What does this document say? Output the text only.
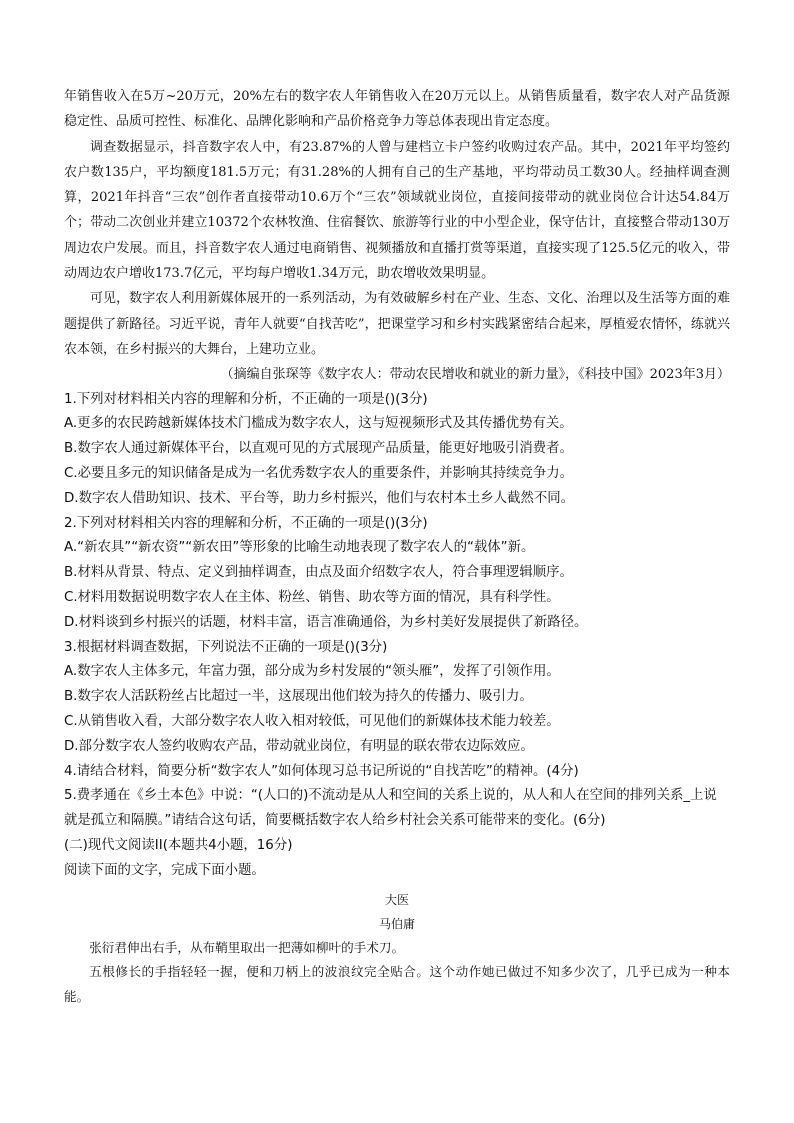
年销售收入在5万~20万元，20%左右的数字农人年销售收入在20万元以上。从销售质量看，数字农人对产品货源稳定性、品质可控性、标准化、品牌化影响和产品价格竞争力等总体表现出肯定态度。

调查数据显示，抖音数字农人中，有23.87%的人曾与建档立卡户签约收购过农产品。其中，2021年平均签约农户数135户，平均额度181.5万元；有31.28%的人拥有自己的生产基地，平均带动员工数30人。经抽样调查测算，2021年抖音“三农”创作者直接带动10.6万个“三农”领域就业岗位，直接间接带动的就业岗位合计达54.84万个；带动二次创业并建立10372个农林牧渔、住宿餐饮、旅游等行业的中小型企业，保守估计，直接整合带动130万周边农户发展。而且，抖音数字农人通过电商销售、视频播放和直播打赏等渠道，直接实现了125.5亿元的收入，带动周边农户增收173.7亿元，平均每户增收1.34万元，助农增收效果明显。

可见，数字农人利用新媒体展开的一系列活动，为有效破解乡村在产业、生态、文化、治理以及生活等方面的难题提供了新路径。习近平说，青年人就要“自找苦吃”，把课堂学习和乡村实践紧密结合起来，厚植爱农情怀，练就兴农本领，在乡村振兴的大舞台，上建功立业。

（摘编自张琛等《数字农人：带动农民增收和就业的新力量》，《科技中国》2023年3月）

1.下列对材料相关内容的理解和分析，不正确的一项是()(3分)

A.更多的农民跨越新媒体技术门槛成为数字农人，这与短视频形式及其传播优势有关。

B.数字农人通过新媒体平台，以直观可见的方式展现产品质量，能更好地吸引消费者。

C.必要且多元的知识储备是成为一名优秀数字农人的重要条件，并影响其持续竞争力。

D.数字农人借助知识、技术、平台等，助力乡村振兴，他们与农村本土乡人截然不同。

2.下列对材料相关内容的理解和分析，不正确的一项是()(3分)

A.“新农具”“新农资”“新农田”等形象的比喻生动地表现了数字农人的“载体”新。

B.材料从背景、特点、定义到抽样调查，由点及面介绍数字农人，符合事理逻辑顺序。

C.材料用数据说明数字农人在主体、粉丝、销售、助农等方面的情况，具有科学性。

D.材料谈到乡村振兴的话题，材料丰富，语言准确通俗，为乡村美好发展提供了新路径。

3.根据材料调查数据，下列说法不正确的一项是()(3分)

A.数字农人主体多元，年富力强，部分成为乡村发展的“领头雁”，发挥了引领作用。

B.数字农人活跃粉丝占比超过一半，这展现出他们较为持久的传播力、吸引力。

C.从销售收入看，大部分数字农人收入相对较低，可见他们的新媒体技术能力较差。

D.部分数字农人签约收购农产品，带动就业岗位，有明显的联农带农边际效应。

4.请结合材料，简要分析“数字农人”如何体现习总书记所说的“自找苦吃”的精神。(4分)

5.费孝通在《乡土本色》中说：“(人口的)不流动是从人和空间的关系上说的，从人和人在空间的排列关系_上说就是孤立和隔膜。”请结合这句话，简要概括数字农人给乡村社会关系可能带来的变化。(6分)

(二)现代文阅读II(本题共4小题，16分)

阅读下面的文字，完成下面小题。

大医

马伯庸

张衍君伸出右手，从布鞘里取出一把薄如柳叶的手术刀。

五根修长的手指轻轻一握，便和刀柄上的波浪纹完全贴合。这个动作她已做过不知多少次了，几乎已成为一种本能。
